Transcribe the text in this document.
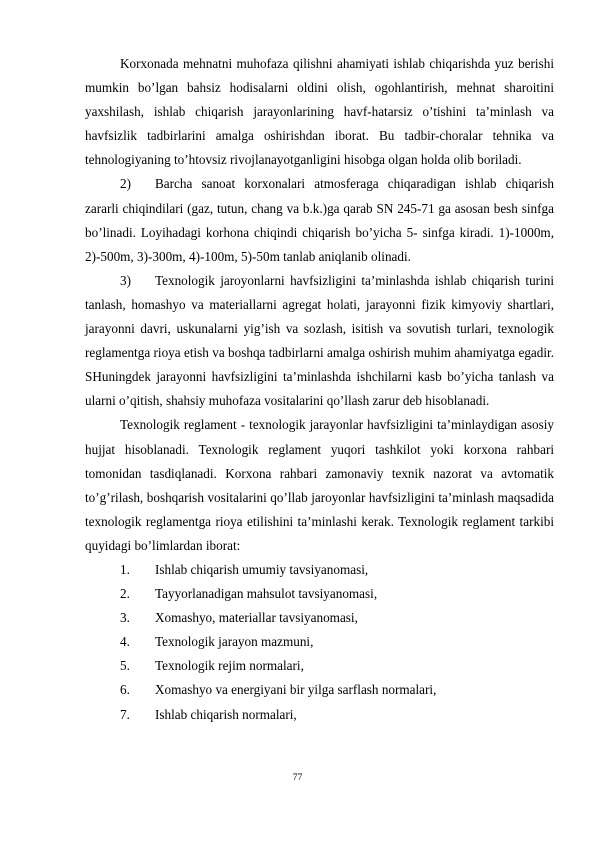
Korxonada mehnatni muhofaza qilishni ahamiyati ishlab chiqarishda yuz berishi mumkin bo’lgan bahsiz hodisalarni oldini olish, ogohlantirish, mehnat sharoitini yaxshilash, ishlab chiqarish jarayonlarining havf-hatarsiz o’tishini ta’minlash va havfsizlik tadbirlarini amalga oshirishdan iborat. Bu tadbir-choralar tehnika va tehnologiyaning to’htovsiz rivojlanayotganligini hisobga olgan holda olib boriladi.

2) Barcha sanoat korxonalari atmosferaga chiqaradigan ishlab chiqarish zararli chiqindilari (gaz, tutun, chang va b.k.)ga qarab SN 245-71 ga asosan besh sinfga bo’linadi. Loyihadagi korhona chiqindi chiqarish bo’yicha 5- sinfga kiradi. 1)-1000m, 2)-500m, 3)-300m, 4)-100m, 5)-50m tanlab aniqlanib olinadi.

3) Texnologik jaroyonlarni havfsizligini ta’minlashda ishlab chiqarish turini tanlash, homashyo va materiallarni agregat holati, jarayonni fizik kimyoviy shartlari, jarayonni davri, uskunalarni yig’ish va sozlash, isitish va sovutish turlari, texnologik reglamentga rioya etish va boshqa tadbirlarni amalga oshirish muhim ahamiyatga egadir. SHuningdek jarayonni havfsizligini ta’minlashda ishchilarni kasb bo’yicha tanlash va ularni o’qitish, shahsiy muhofaza vositalarini qo’llash zarur deb hisoblanadi.

Texnologik reglament - texnologik jarayonlar havfsizligini ta’minlaydigan asosiy hujjat hisoblanadi. Texnologik reglament yuqori tashkilot yoki korxona rahbari tomonidan tasdiqlanadi. Korxona rahbari zamonaviy texnik nazorat va avtomatik to’g’rilash, boshqarish vositalarini qo’llab jaroyonlar havfsizligini ta’minlash maqsadida texnologik reglamentga rioya etilishini ta’minlashi kerak. Texnologik reglament tarkibi quyidagi bo’limlardan iborat:

1. Ishlab chiqarish umumiy tavsiyanomasi,
2. Tayyorlanadigan mahsulot tavsiyanomasi,
3. Xomashyo, materiallar tavsiyanomasi,
4. Texnologik jarayon mazmuni,
5. Texnologik rejim normalari,
6. Xomashyo va energiyani bir yilga sarflash normalari,
7. Ishlab chiqarish normalari,
77
